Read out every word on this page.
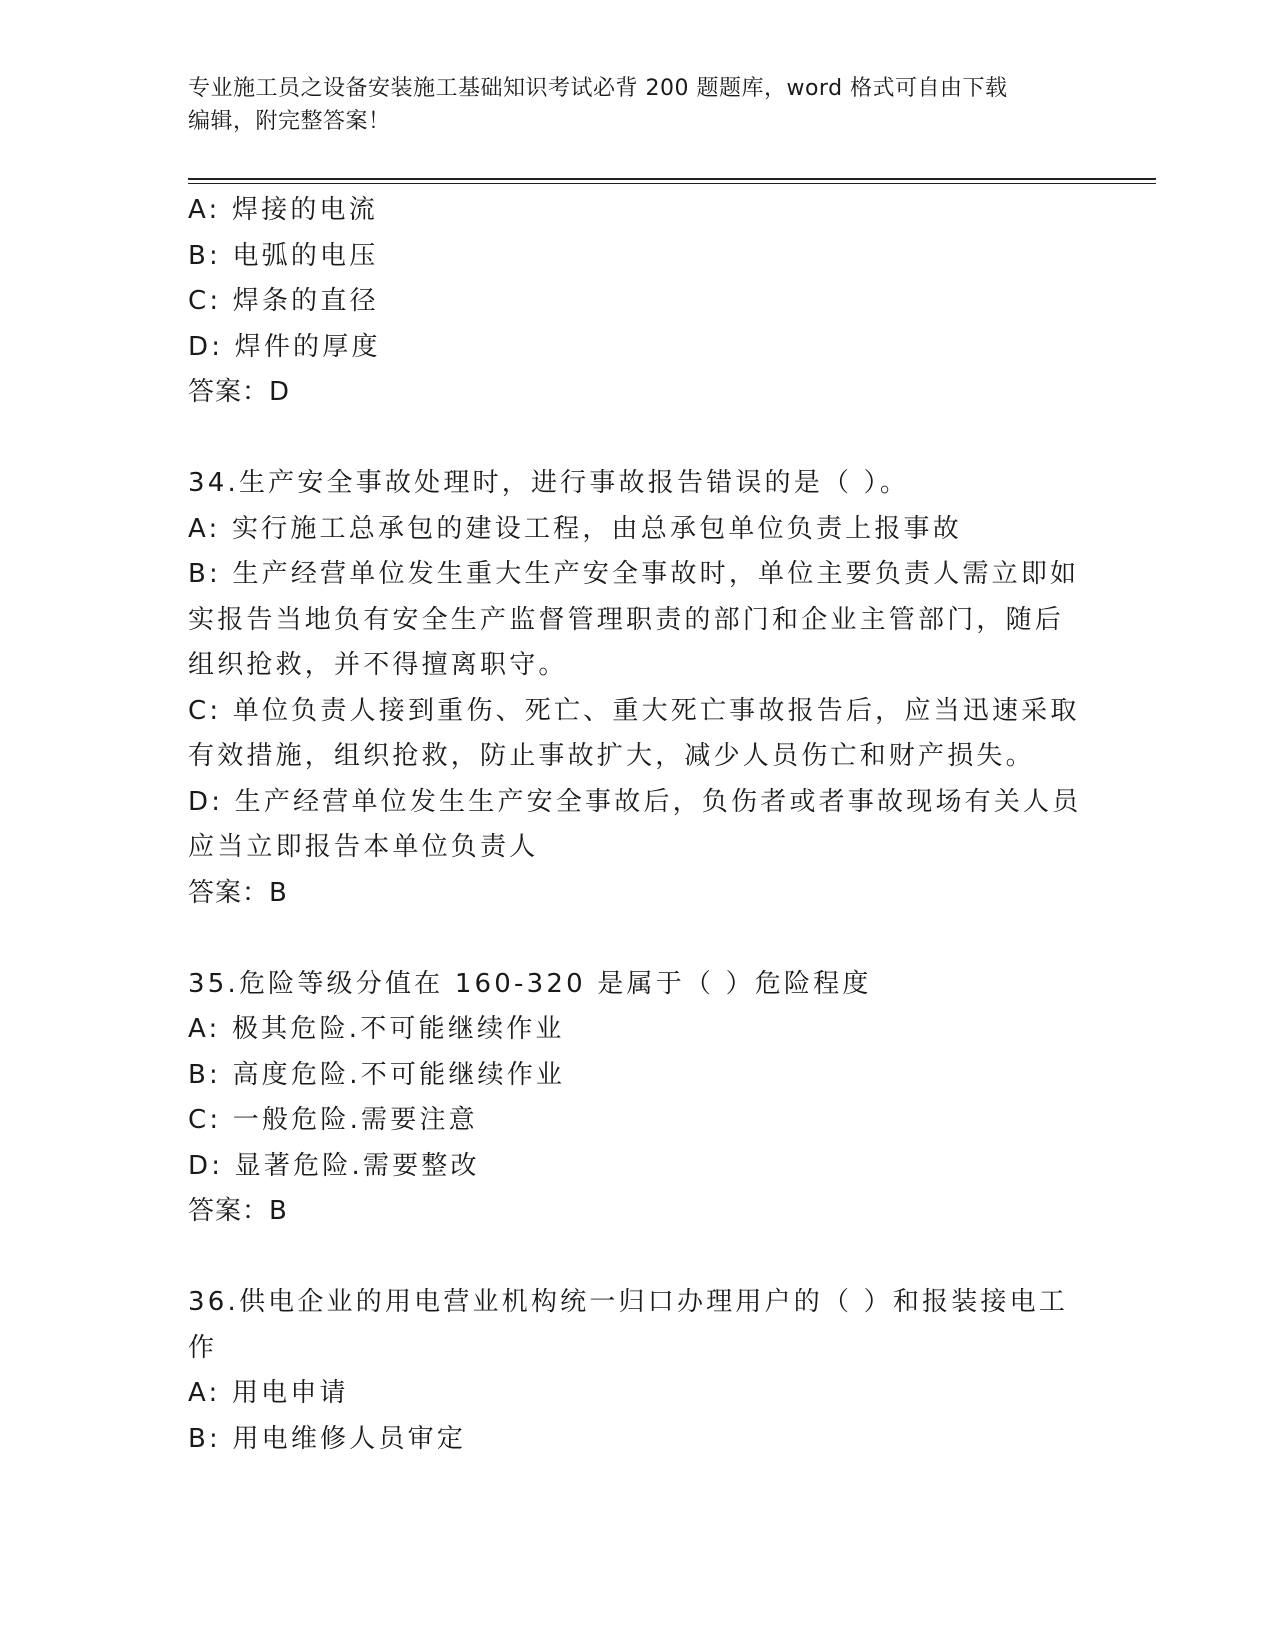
专业施工员之设备安装施工基础知识考试必背 200 题题库，word 格式可自由下载
编辑，附完整答案！
A: 焊接的电流
B: 电弧的电压
C: 焊条的直径
D: 焊件的厚度
答案：D
34.生产安全事故处理时，进行事故报告错误的是（ ）。
A: 实行施工总承包的建设工程，由总承包单位负责上报事故
B: 生产经营单位发生重大生产安全事故时，单位主要负责人需立即如
实报告当地负有安全生产监督管理职责的部门和企业主管部门，随后
组织抢救，并不得擅离职守。
C: 单位负责人接到重伤、死亡、重大死亡事故报告后，应当迅速采取
有效措施，组织抢救，防止事故扩大，减少人员伤亡和财产损失。
D: 生产经营单位发生生产安全事故后，负伤者或者事故现场有关人员
应当立即报告本单位负责人
答案：B
35.危险等级分值在 160-320 是属于（ ）危险程度
A: 极其危险.不可能继续作业
B: 高度危险.不可能继续作业
C: 一般危险.需要注意
D: 显著危险.需要整改
答案：B
36.供电企业的用电营业机构统一归口办理用户的（ ）和报装接电工
作
A: 用电申请
B: 用电维修人员审定
